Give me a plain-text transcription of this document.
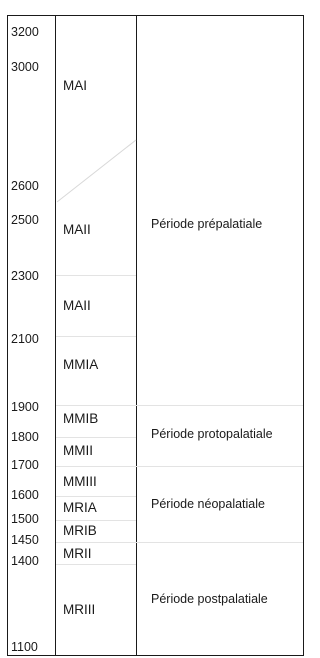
3200
3000
2600
2500
2300
2100
1900
1800
1700
1600
1500
1450
1400
1100
MAI
MAII
MAII
MMIA
MMIB
MMII
MMIII
MRIA
MRIB
MRII
MRIII
Période prépalatiale
Période protopalatiale
Période néopalatiale
Période postpalatiale
